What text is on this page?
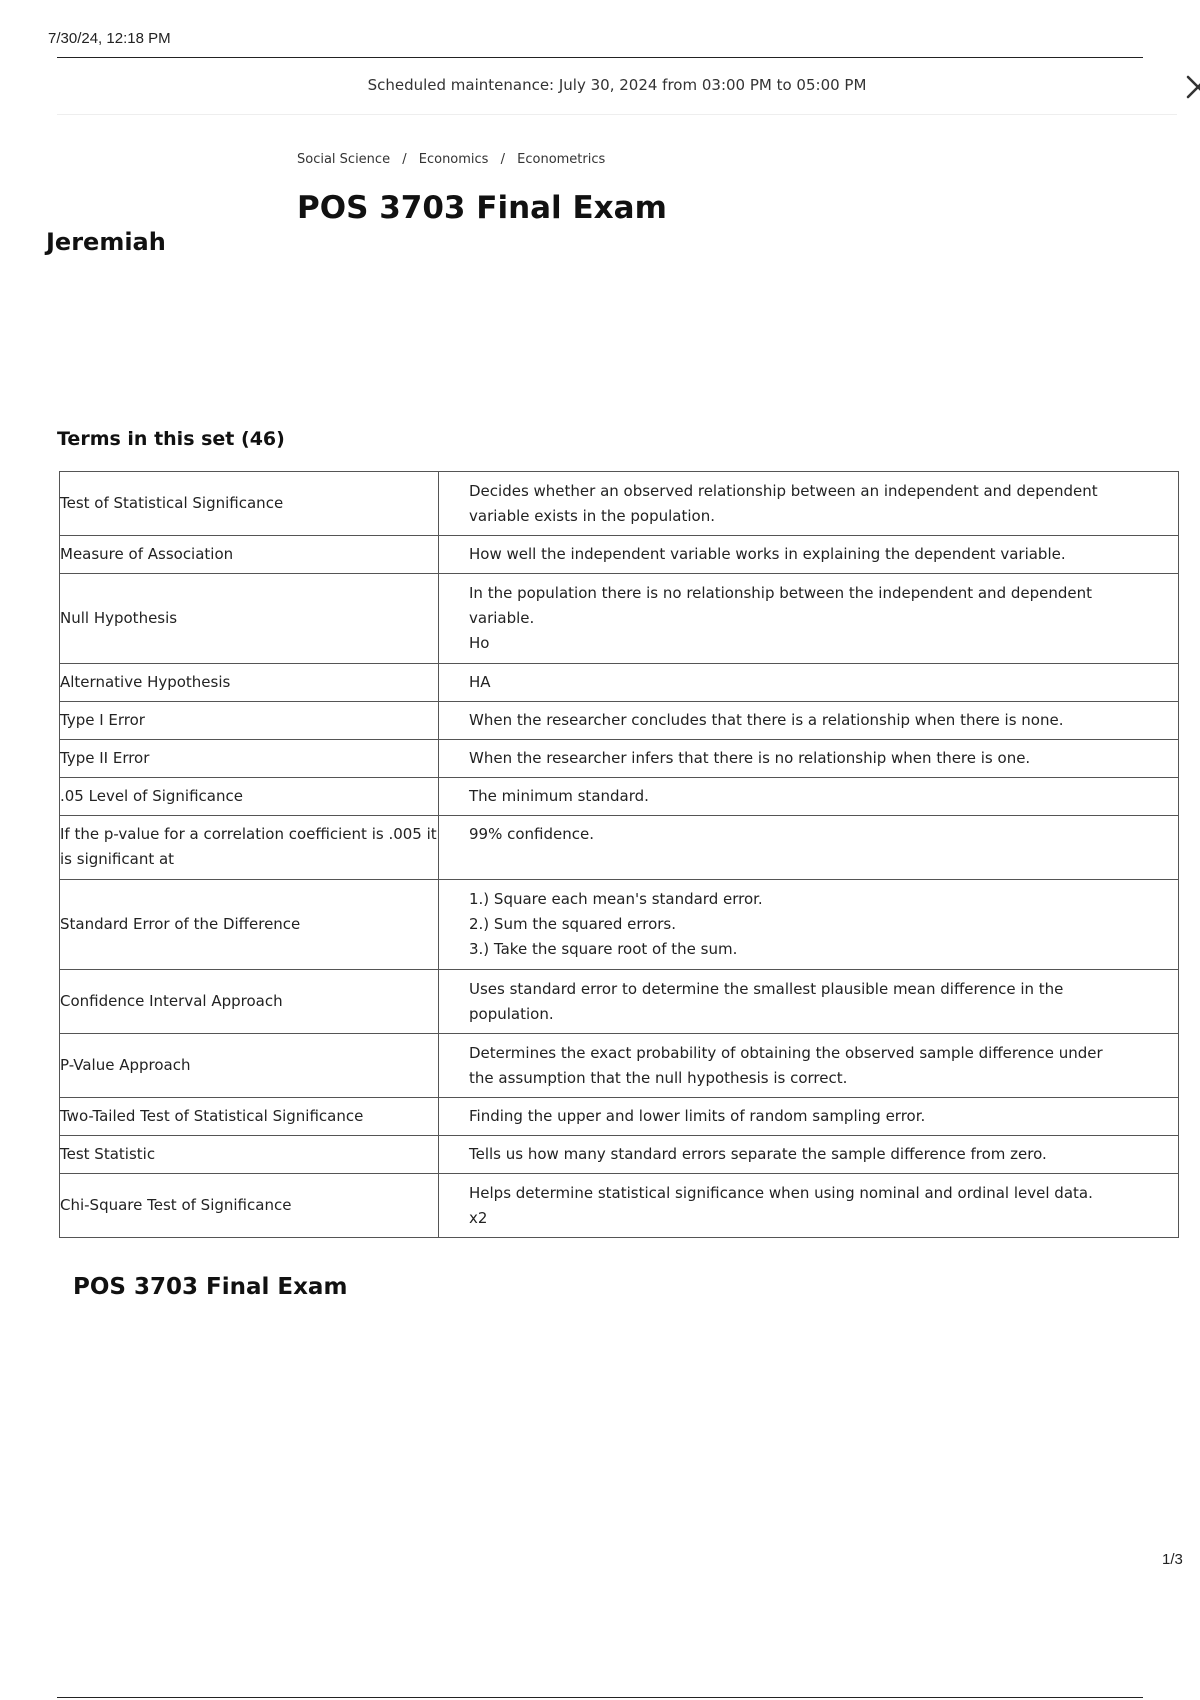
7/30/24, 12:18 PM
Scheduled maintenance: July 30, 2024 from 03:00 PM to 05:00 PM
Social Science / Economics / Econometrics
POS 3703 Final Exam
Jeremiah
Terms in this set (46)
Test of Statistical Significance	Decides whether an observed relationship between an independent and dependent
variable exists in the population.

Measure of Association	How well the independent variable works in explaining the dependent variable.

Null Hypothesis	In the population there is no relationship between the independent and dependent
variable.
Ho

Alternative Hypothesis	HA

Type I Error	When the researcher concludes that there is a relationship when there is none.

Type II Error	When the researcher infers that there is no relationship when there is one.

.05 Level of Significance	The minimum standard.

If the p-value for a correlation coefficient is .005 it is significant at	99% confidence.

Standard Error of the Difference	1.) Square each mean's standard error.
2.) Sum the squared errors.
3.) Take the square root of the sum.

Confidence Interval Approach	Uses standard error to determine the smallest plausible mean difference in the
population.

P-Value Approach	Determines the exact probability of obtaining the observed sample difference under
the assumption that the null hypothesis is correct.

Two-Tailed Test of Statistical Significance	Finding the upper and lower limits of random sampling error.

Test Statistic	Tells us how many standard errors separate the sample difference from zero.

Chi-Square Test of Significance	Helps determine statistical significance when using nominal and ordinal level data.
x2
POS 3703 Final Exam
1/3
